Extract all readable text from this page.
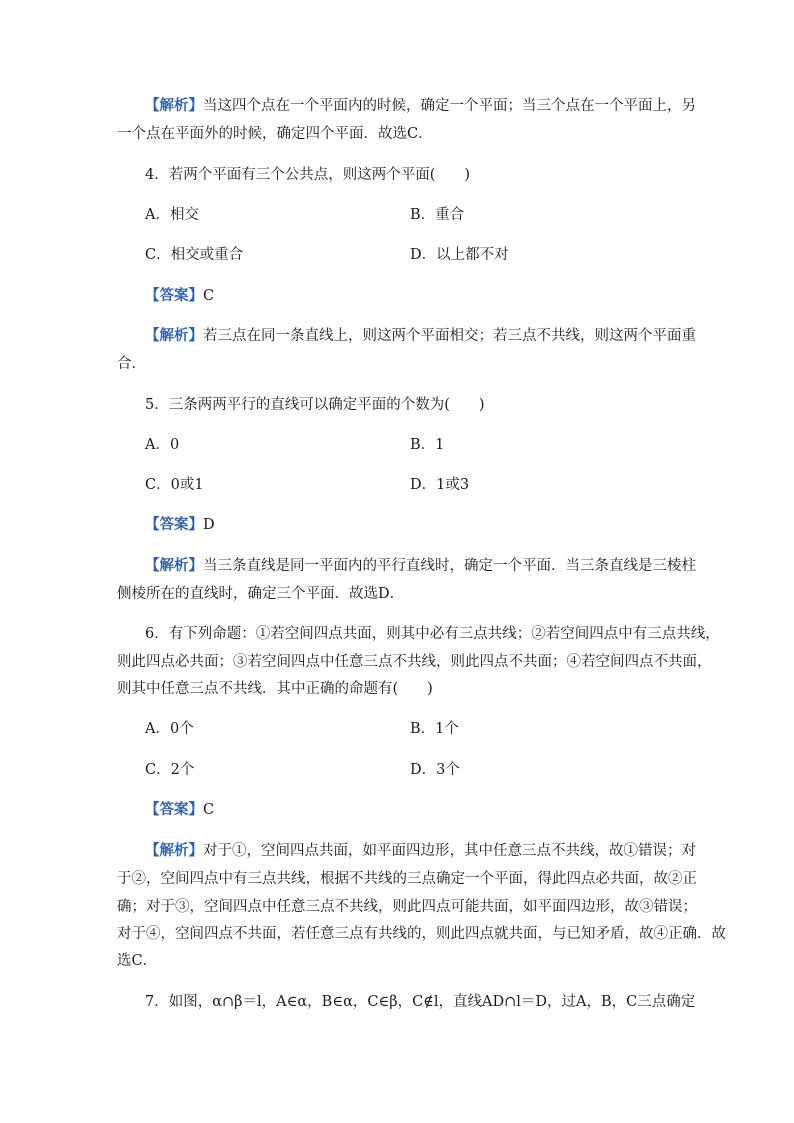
【解析】当这四个点在一个平面内的时候，确定一个平面；当三个点在一个平面上，另
一个点在平面外的时候，确定四个平面．故选C．
4．若两个平面有三个公共点，则这两个平面(　　)
A．相交	B．重合
C．相交或重合	D．以上都不对
【答案】C
【解析】若三点在同一条直线上，则这两个平面相交；若三点不共线，则这两个平面重
合．
5．三条两两平行的直线可以确定平面的个数为(　　)
A．0	B．1
C．0或1	D．1或3
【答案】D
【解析】当三条直线是同一平面内的平行直线时，确定一个平面．当三条直线是三棱柱
侧棱所在的直线时，确定三个平面．故选D．
6．有下列命题：①若空间四点共面，则其中必有三点共线；②若空间四点中有三点共线，
则此四点必共面；③若空间四点中任意三点不共线，则此四点不共面；④若空间四点不共面，
则其中任意三点不共线．其中正确的命题有(　　)
A．0个	B．1个
C．2个	D．3个
【答案】C
【解析】对于①，空间四点共面，如平面四边形，其中任意三点不共线，故①错误；对
于②，空间四点中有三点共线，根据不共线的三点确定一个平面，得此四点必共面，故②正
确；对于③，空间四点中任意三点不共线，则此四点可能共面，如平面四边形，故③错误；
对于④，空间四点不共面，若任意三点有共线的，则此四点就共面，与已知矛盾，故④正确．故
选C．
7．如图，α∩β＝l，A∈α，B∈α，C∈β，C∉l，直线AD∩l＝D，过A，B，C三点确定
